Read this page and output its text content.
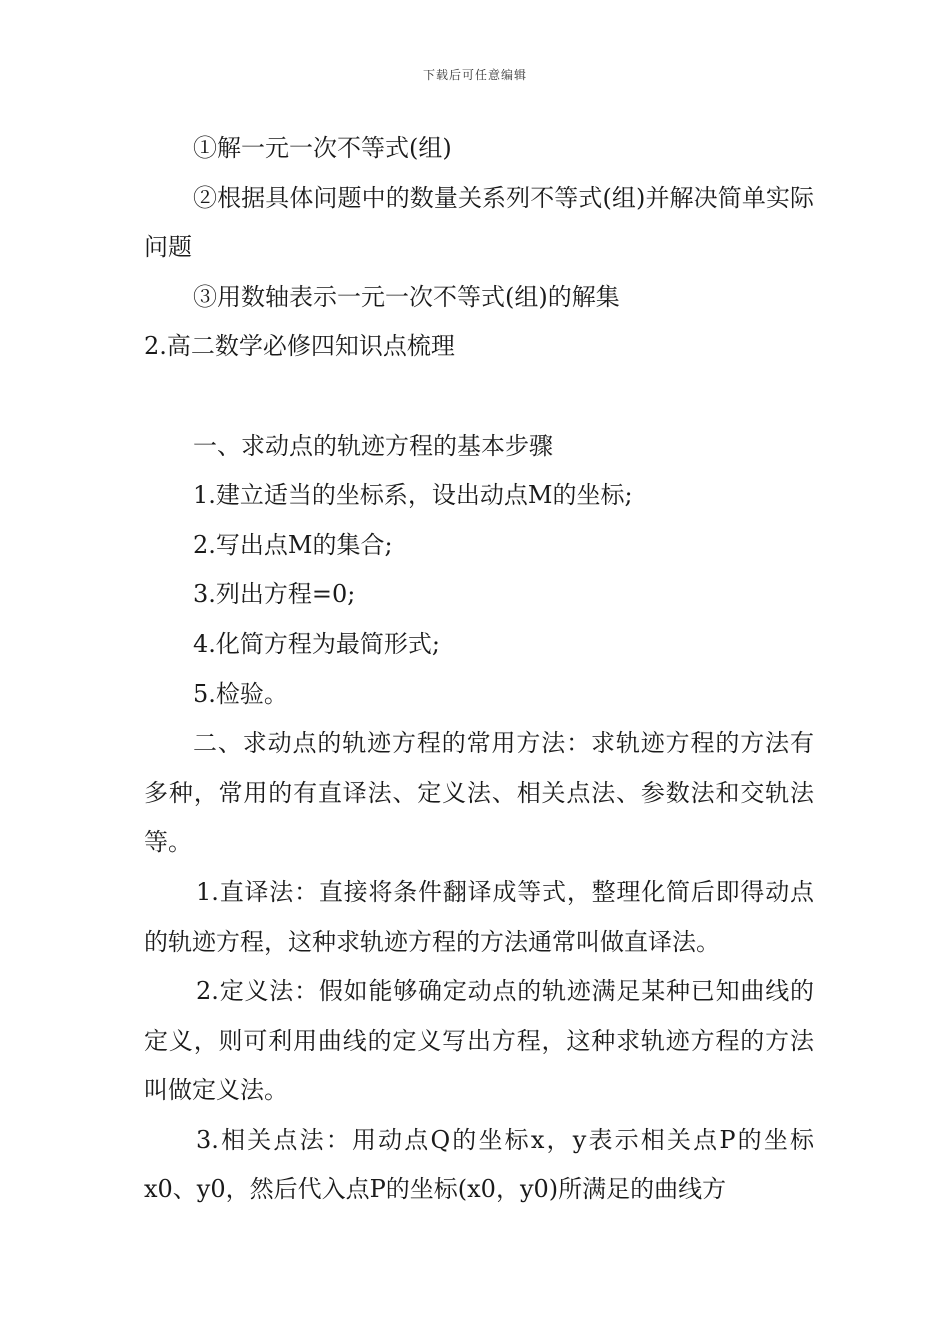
下载后可任意编辑

①解一元一次不等式(组)

②根据具体问题中的数量关系列不等式(组)并解决简单实际问题

③用数轴表示一元一次不等式(组)的解集

2.高二数学必修四知识点梳理

一、求动点的轨迹方程的基本步骤

1.建立适当的坐标系，设出动点M的坐标;

2.写出点M的集合;

3.列出方程=0;

4.化简方程为最简形式;

5.检验。

二、求动点的轨迹方程的常用方法：求轨迹方程的方法有多种，常用的有直译法、定义法、相关点法、参数法和交轨法等。

1.直译法：直接将条件翻译成等式，整理化简后即得动点的轨迹方程，这种求轨迹方程的方法通常叫做直译法。

2.定义法：假如能够确定动点的轨迹满足某种已知曲线的定义，则可利用曲线的定义写出方程，这种求轨迹方程的方法叫做定义法。

3.相关点法：用动点Q的坐标x，y表示相关点P的坐标x0、y0，然后代入点P的坐标(x0，y0)所满足的曲线方
